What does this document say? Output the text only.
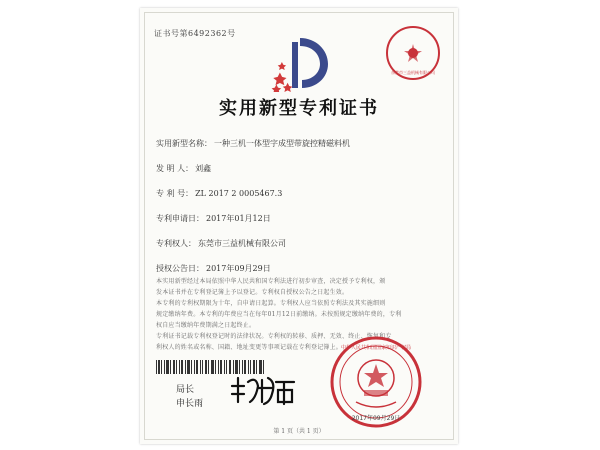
证书号第6492362号
东莞市三益机械有限公司
实用新型专利证书
实用新型名称： 一种三机一体型字成型带旋控精磁料机
发 明 人： 刘鑫
专 利 号： ZL 2017 2 0005467.3
专利申请日： 2017年01月12日
专利权人： 东莞市三益机械有限公司
授权公告日： 2017年09月29日
本实用新型经过本局依照中华人民共和国专利法进行初步审查，决定授予专利权，颁
发本证书并在专利登记簿上予以登记。专利权自授权公告之日起生效。
本专利的专利权期限为十年，自申请日起算。专利权人应当依照专利法及其实施细则
规定缴纳年费。本专利的年费应当在每年01月12日前缴纳。未按照规定缴纳年费的，专利
权自应当缴纳年费期满之日起终止。
专利证书记载专利权登记时的法律状况。专利权的转移、质押、无效、终止、恢复和专
利权人的姓名或名称、国籍、地址变更等事项记载在专利登记簿上。
局长
申长雨
中华人民共和国国家知识产权局
2017年09月29日
第 1 页（共 1 页）
